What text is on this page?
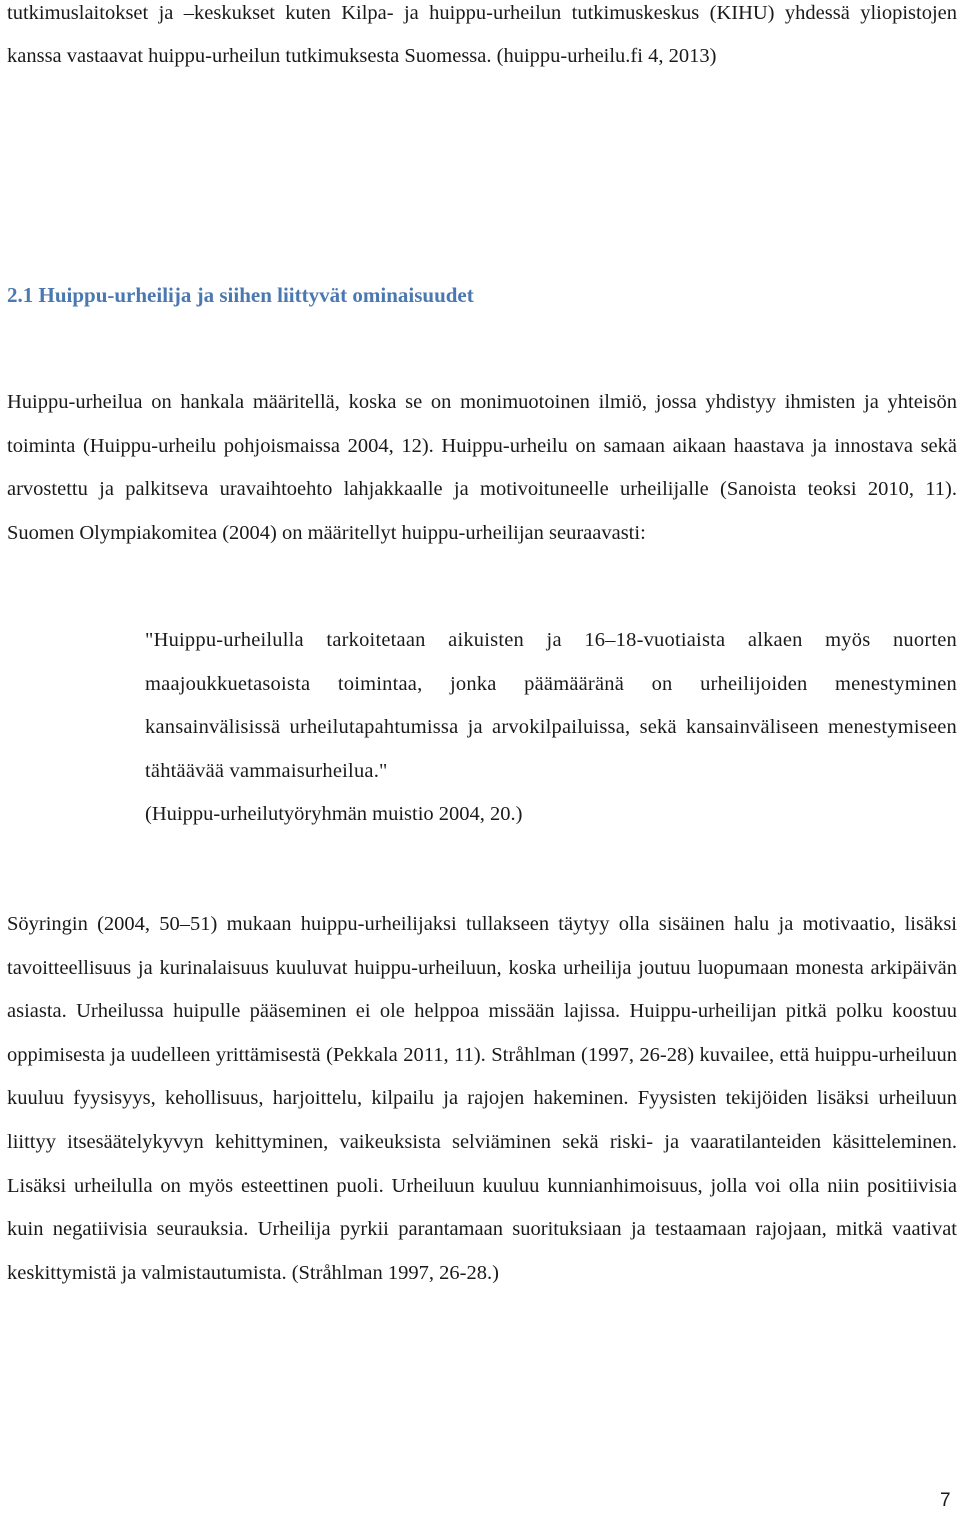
tutkimuslaitokset ja –keskukset kuten Kilpa- ja huippu-urheilun tutkimuskeskus (KIHU) yhdessä yliopistojen kanssa vastaavat huippu-urheilun tutkimuksesta Suomessa. (huippu-urheilu.fi 4, 2013)

2.1 Huippu-urheilija ja siihen liittyvät ominaisuudet

Huippu-urheilua on hankala määritellä, koska se on monimuotoinen ilmiö, jossa yhdistyy ihmisten ja yhteisön toiminta (Huippu-urheilu pohjoismaissa 2004, 12). Huippu-urheilu on samaan aikaan haastava ja innostava sekä arvostettu ja palkitseva uravaihtoehto lahjakkaalle ja motivoituneelle urheilijalle (Sanoista teoksi 2010, 11). Suomen Olympiakomitea (2004) on määritellyt huippu-urheilijan seuraavasti:

"Huippu-urheilulla tarkoitetaan aikuisten ja 16–18-vuotiaista alkaen myös nuorten maajoukkuetasoista toimintaa, jonka päämääränä on urheilijoiden menestyminen kansainvälisissä urheilutapahtumissa ja arvokilpailuissa, sekä kansainväliseen menestymiseen tähtäävää vammaisurheilua."

(Huippu-urheilutyöryhmän muistio 2004, 20.)

Söyringin (2004, 50–51) mukaan huippu-urheilijaksi tullakseen täytyy olla sisäinen halu ja motivaatio, lisäksi tavoitteellisuus ja kurinalaisuus kuuluvat huippu-urheiluun, koska urheilija joutuu luopumaan monesta arkipäivän asiasta. Urheilussa huipulle pääseminen ei ole helppoa missään lajissa. Huippu-urheilijan pitkä polku koostuu oppimisesta ja uudelleen yrittämisestä (Pekkala 2011, 11). Stråhlman (1997, 26-28) kuvailee, että huippu-urheiluun kuuluu fyysisyys, kehollisuus, harjoittelu, kilpailu ja rajojen hakeminen. Fyysisten tekijöiden lisäksi urheiluun liittyy itsesäätelykyvyn kehittyminen, vaikeuksista selviäminen sekä riski- ja vaaratilanteiden käsitteleminen. Lisäksi urheilulla on myös esteettinen puoli. Urheiluun kuuluu kunnianhimoisuus, jolla voi olla niin positiivisia kuin negatiivisia seurauksia. Urheilija pyrkii parantamaan suorituksiaan ja testaamaan rajojaan, mitkä vaativat keskittymistä ja valmistautumista. (Stråhlman 1997, 26-28.)

7
